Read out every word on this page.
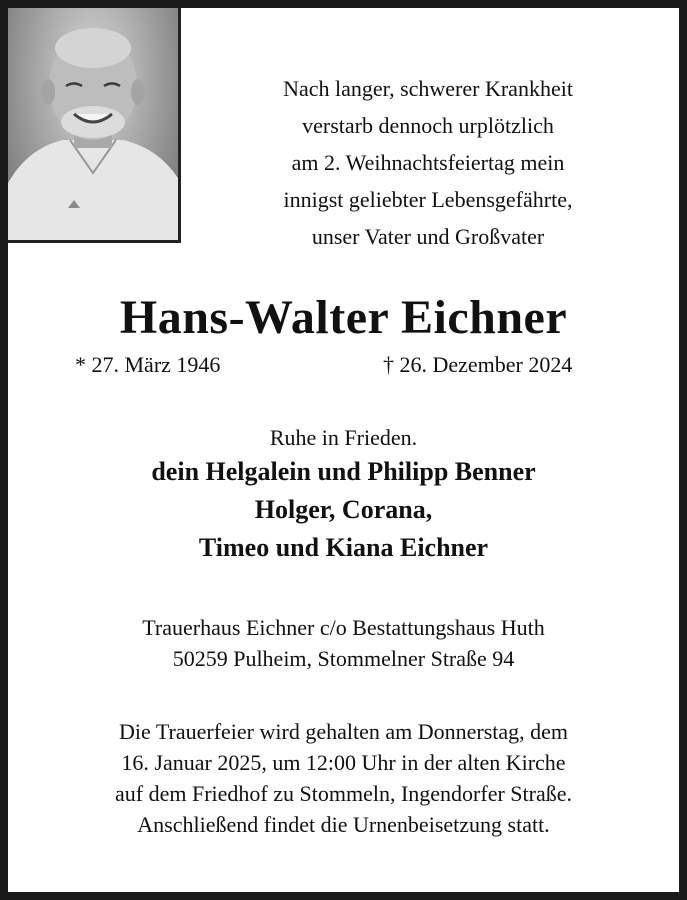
Nach langer, schwerer Krankheit
verstarb dennoch urplötzlich
am 2. Weihnachtsfeiertag mein
innigst geliebter Lebensgefährte,
unser Vater und Großvater
Hans-Walter Eichner
* 27. März 1946	† 26. Dezember 2024
Ruhe in Frieden.
dein Helgalein und Philipp Benner
Holger, Corana,
Timeo und Kiana Eichner
Trauerhaus Eichner c/o Bestattungshaus Huth
50259 Pulheim, Stommelner Straße 94
Die Trauerfeier wird gehalten am Donnerstag, dem
16. Januar 2025, um 12:00 Uhr in der alten Kirche
auf dem Friedhof zu Stommeln, Ingendorfer Straße.
Anschließend findet die Urnenbeisetzung statt.
